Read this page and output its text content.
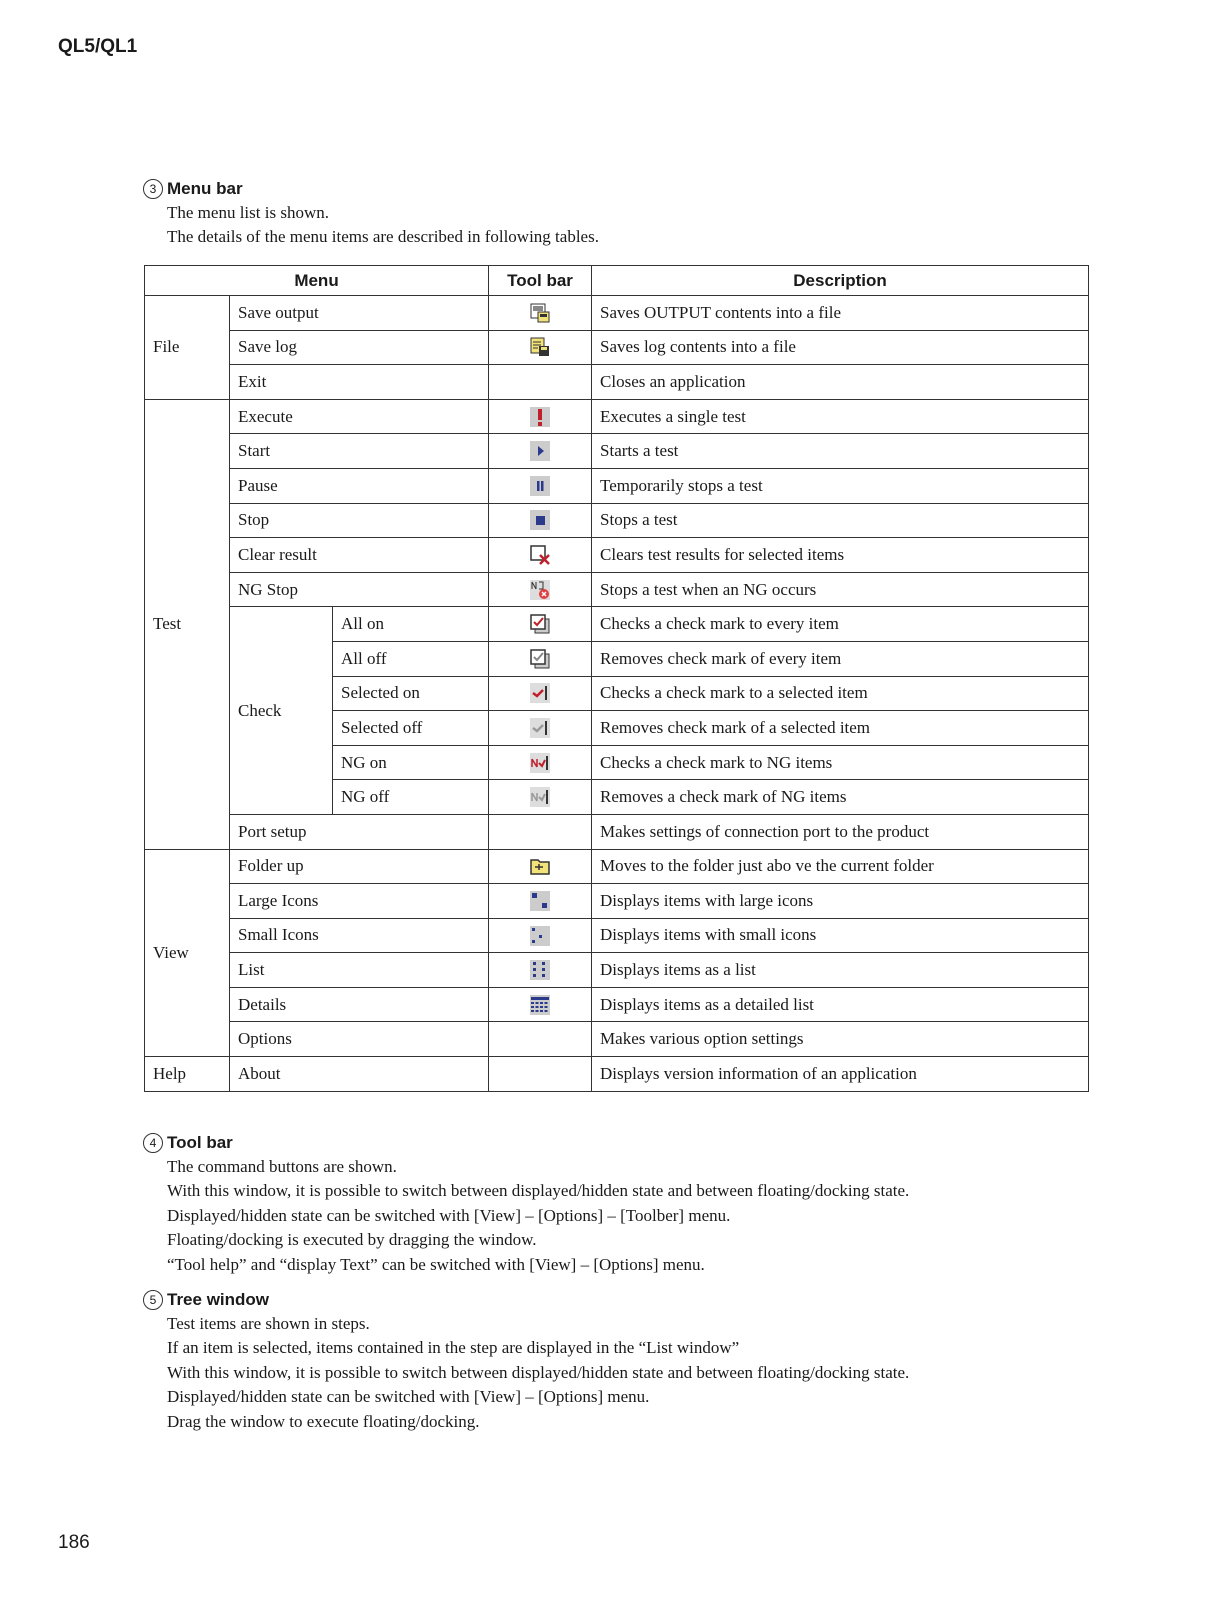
QL5/QL1
3 Menu bar
The menu list is shown.
The details of the menu items are described in following tables.
Menu			Tool bar	Description
File	Save output			Saves OUTPUT contents into a file
	Save log			Saves log contents into a file
	Exit			Closes an application
Test	Execute			Executes a single test
	Start			Starts a test
	Pause			Temporarily stops a test
	Stop			Stops a test
	Clear result			Clears test results for selected items
	NG Stop			Stops a test when an NG occurs
	Check	All on		Checks a check mark to every item
		All off		Removes check mark of every item
		Selected on		Checks a check mark to a selected item
		Selected off		Removes check mark of a selected item
		NG on		Checks a check mark to NG items
		NG off		Removes a check mark of NG items
	Port setup			Makes settings of connection port to the product
View	Folder up			Moves to the folder just abo ve the current folder
	Large Icons			Displays items with large icons
	Small Icons			Displays items with small icons
	List			Displays items as a list
	Details			Displays items as a detailed list
	Options			Makes various option settings
Help	About			Displays version information of an application
4 Tool bar
The command buttons are shown.
With this window, it is possible to switch between displayed/hidden state and between floating/docking state.
Displayed/hidden state can be switched with [View] – [Options] – [Toolber] menu.
Floating/docking is executed by dragging the window.
“Tool help” and “display Text” can be switched with [View] – [Options] menu.
5 Tree window
Test items are shown in steps.
If an item is selected, items contained in the step are displayed in the “List window”
With this window, it is possible to switch between displayed/hidden state and between floating/docking state.
Displayed/hidden state can be switched with [View] – [Options] menu.
Drag the window to execute floating/docking.
186
